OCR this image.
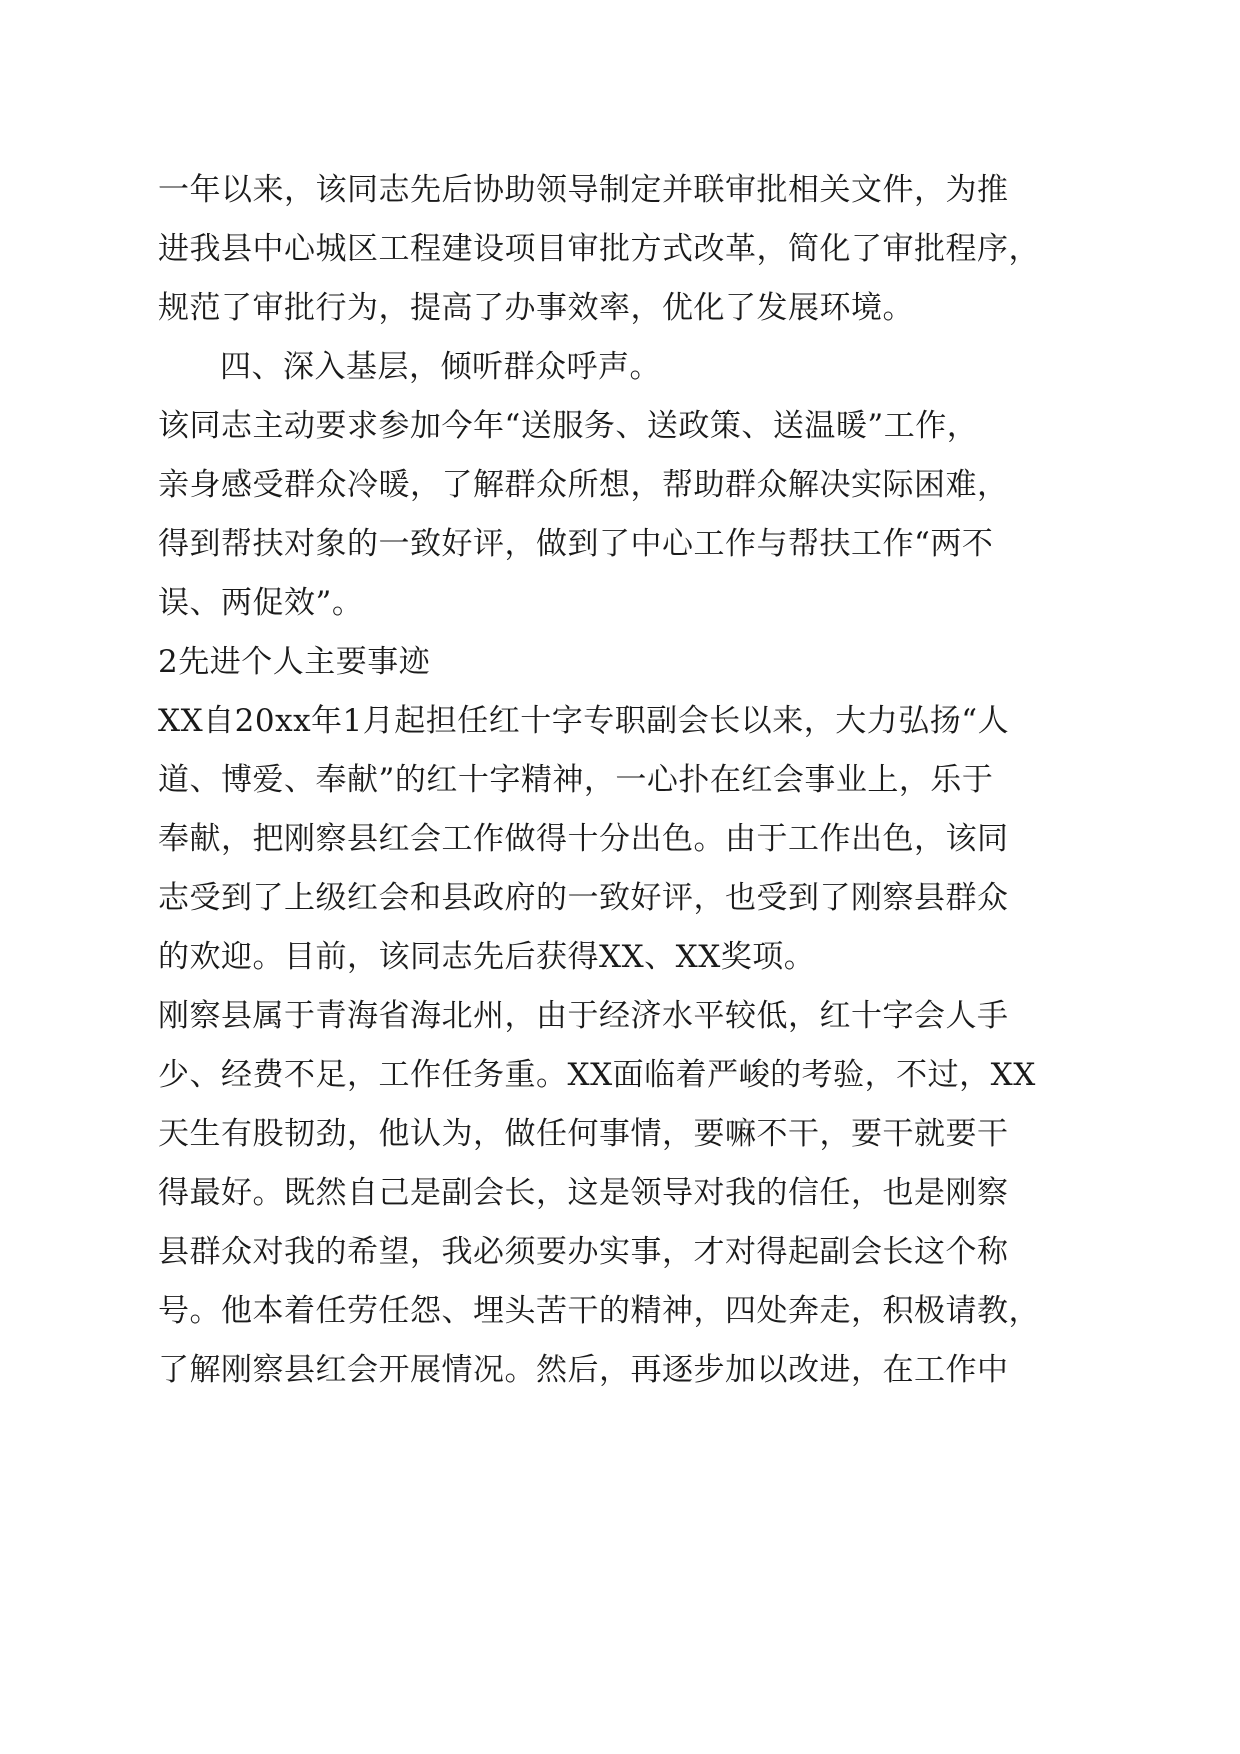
一年以来，该同志先后协助领导制定并联审批相关文件，为推
进我县中心城区工程建设项目审批方式改革，简化了审批程序，
规范了审批行为，提高了办事效率，优化了发展环境。
四、深入基层，倾听群众呼声。
该同志主动要求参加今年“送服务、送政策、送温暖”工作，
亲身感受群众冷暖，了解群众所想，帮助群众解决实际困难，
得到帮扶对象的一致好评，做到了中心工作与帮扶工作“两不
误、两促效”。
2先进个人主要事迹
XX自20xx年1月起担任红十字专职副会长以来，大力弘扬“人
道、博爱、奉献”的红十字精神，一心扑在红会事业上，乐于
奉献，把刚察县红会工作做得十分出色。由于工作出色，该同
志受到了上级红会和县政府的一致好评，也受到了刚察县群众
的欢迎。目前，该同志先后获得XX、XX奖项。
刚察县属于青海省海北州，由于经济水平较低，红十字会人手
少、经费不足，工作任务重。XX面临着严峻的考验，不过，XX
天生有股韧劲，他认为，做任何事情，要嘛不干，要干就要干
得最好。既然自己是副会长，这是领导对我的信任，也是刚察
县群众对我的希望，我必须要办实事，才对得起副会长这个称
号。他本着任劳任怨、埋头苦干的精神，四处奔走，积极请教，
了解刚察县红会开展情况。然后，再逐步加以改进，在工作中
